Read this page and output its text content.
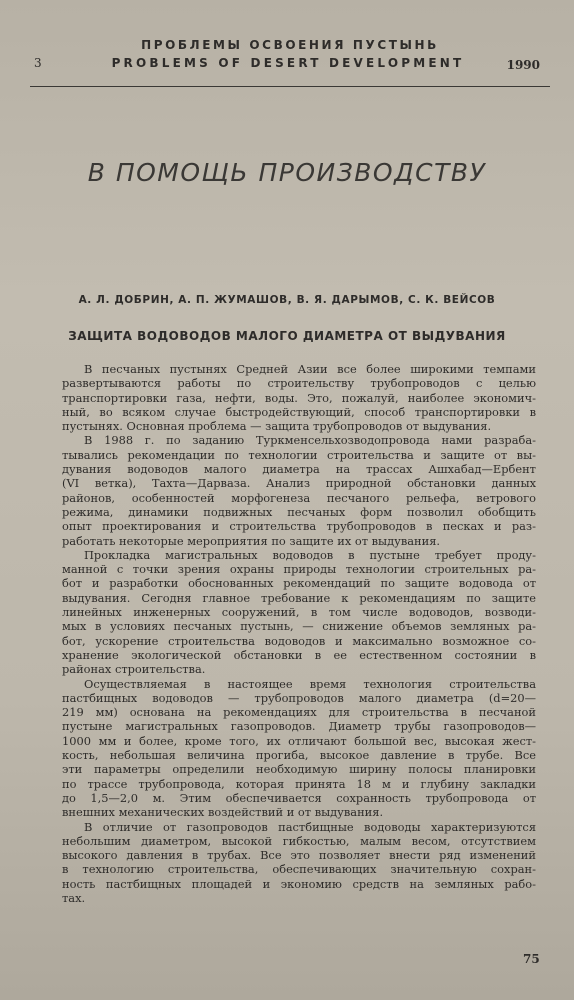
3
ПРОБЛЕМЫ ОСВОЕНИЯ ПУСТЫНЬ
PROBLEMS OF DESERT DEVELOPMENT	1990
В ПОМОЩЬ ПРОИЗВОДСТВУ
А. Л. ДОБРИН, А. П. ЖУМАШОВ, В. Я. ДАРЫМОВ, С. К. ВЕЙСОВ
ЗАЩИТА ВОДОВОДОВ МАЛОГО ДИАМЕТРА ОТ ВЫДУВАНИЯ
В песчаных пустынях Средней Азии все более широкими темпами
развертываются работы по строительству трубопроводов с целью
транспортировки газа, нефти, воды. Это, пожалуй, наиболее экономич-
ный, во всяком случае быстродействующий, способ транспортировки в
пустынях. Основная проблема — защита трубопроводов от выдувания.
В 1988 г. по заданию Туркменсельхозводопровода нами разраба-
тывались рекомендации по технологии строительства и защите от вы-
дувания водоводов малого диаметра на трассах Ашхабад—Ербент
(VI ветка), Тахта—Дарваза. Анализ природной обстановки данных
районов, особенностей морфогенеза песчаного рельефа, ветрового
режима, динамики подвижных песчаных форм позволил обобщить
опыт проектирования и строительства трубопроводов в песках и раз-
работать некоторые мероприятия по защите их от выдувания.
Прокладка магистральных водоводов в пустыне требует проду-
манной с точки зрения охраны природы технологии строительных ра-
бот и разработки обоснованных рекомендаций по защите водовода от
выдувания. Сегодня главное требование к рекомендациям по защите
линейных инженерных сооружений, в том числе водоводов, возводи-
мых в условиях песчаных пустынь, — снижение объемов земляных ра-
бот, ускорение строительства водоводов и максимально возможное со-
хранение экологической обстановки в ее естественном состоянии в
районах строительства.
Осуществляемая в настоящее время технология строительства
пастбищных водоводов — трубопроводов малого диаметра (d=20—
219 мм) основана на рекомендациях для строительства в песчаной
пустыне магистральных газопроводов. Диаметр трубы газопроводов—
1000 мм и более, кроме того, их отличают большой вес, высокая жест-
кость, небольшая величина прогиба, высокое давление в трубе. Все
эти параметры определили необходимую ширину полосы планировки
по трассе трубопровода, которая принята 18 м и глубину закладки
до 1,5—2,0 м. Этим обеспечивается сохранность трубопровода от
внешних механических воздействий и от выдувания.
В отличие от газопроводов пастбищные водоводы характеризуются
небольшим диаметром, высокой гибкостью, малым весом, отсутствием
высокого давления в трубах. Все это позволяет внести ряд изменений
в технологию строительства, обеспечивающих значительную сохран-
ность пастбищных площадей и экономию средств на земляных рабо-
тах.
75
